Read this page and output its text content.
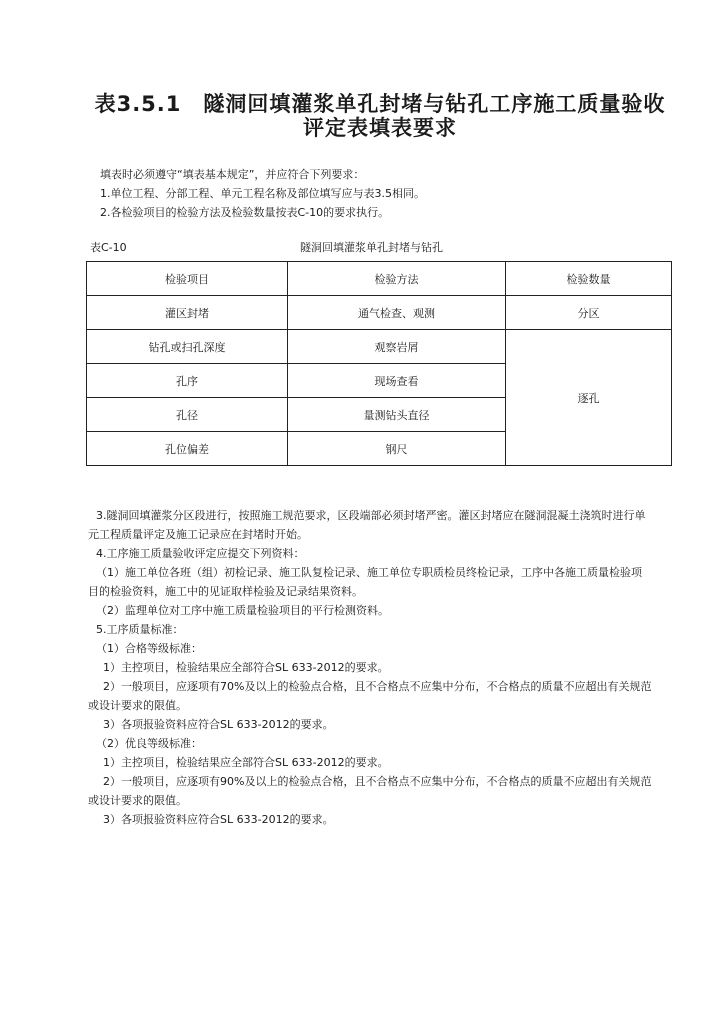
表3.5.1　隧洞回填灌浆单孔封堵与钻孔工序施工质量验收
评定表填表要求
填表时必须遵守“填表基本规定”，并应符合下列要求：
1.单位工程、分部工程、单元工程名称及部位填写应与表3.5相同。
2.各检验项目的检验方法及检验数量按表C-10的要求执行。
表C-10	隧洞回填灌浆单孔封堵与钻孔
检验项目	检验方法	检验数量
灌区封堵	通气检查、观测	分区
钻孔或扫孔深度	观察岩屑	逐孔
孔序	现场查看	
孔径	量测钻头直径	
孔位偏差	钢尺	
3.隧洞回填灌浆分区段进行，按照施工规范要求，区段端部必须封堵严密。灌区封堵应在隧洞混凝土浇筑时进行单
元工程质量评定及施工记录应在封堵时开始。
4.工序施工质量验收评定应提交下列资料：
（1）施工单位各班（组）初检记录、施工队复检记录、施工单位专职质检员终检记录，工序中各施工质量检验项
目的检验资料，施工中的见证取样检验及记录结果资料。
（2）监理单位对工序中施工质量检验项目的平行检测资料。
5.工序质量标准：
（1）合格等级标准：
1）主控项目，检验结果应全部符合SL 633-2012的要求。
2）一般项目，应逐项有70%及以上的检验点合格，且不合格点不应集中分布，不合格点的质量不应超出有关规范
或设计要求的限值。
3）各项报验资料应符合SL 633-2012的要求。
（2）优良等级标准：
1）主控项目，检验结果应全部符合SL 633-2012的要求。
2）一般项目，应逐项有90%及以上的检验点合格，且不合格点不应集中分布，不合格点的质量不应超出有关规范
或设计要求的限值。
3）各项报验资料应符合SL 633-2012的要求。
